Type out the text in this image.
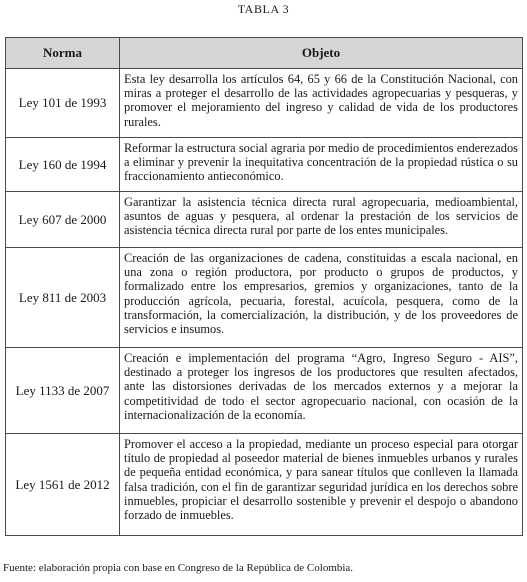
TABLA 3
Norma	Objeto
Ley 101 de 1993	Esta ley desarrolla los artículos 64, 65 y 66 de la Constitución Nacional, con miras a proteger el desarrollo de las actividades agropecuarias y pesqueras, y promover el mejoramiento del ingreso y calidad de vida de los productores rurales.
Ley 160 de 1994	Reformar la estructura social agraria por medio de procedimientos enderezados a eliminar y prevenir la inequitativa concentración de la propiedad rústica o su fraccionamiento antieconómico.
Ley 607 de 2000	Garantizar la asistencia técnica directa rural agropecuaria, medioambiental, asuntos de aguas y pesquera, al ordenar la prestación de los servicios de asistencia técnica directa rural por parte de los entes municipales.
Ley 811 de 2003	Creación de las organizaciones de cadena, constituidas a escala nacional, en una zona o región productora, por producto o grupos de productos, y formalizado entre los empresarios, gremios y organizaciones, tanto de la producción agrícola, pecuaria, forestal, acuícola, pesquera, como de la transformación, la comercialización, la distribución, y de los proveedores de servicios e insumos.
Ley 1133 de 2007	Creación e implementación del programa “Agro, Ingreso Seguro - AIS”, destinado a proteger los ingresos de los productores que resulten afectados, ante las distorsiones derivadas de los mercados externos y a mejorar la competitividad de todo el sector agropecuario nacional, con ocasión de la internacionalización de la economía.
Ley 1561 de 2012	Promover el acceso a la propiedad, mediante un proceso especial para otorgar título de propiedad al poseedor material de bienes inmuebles urbanos y rurales de pequeña entidad económica, y para sanear títulos que conlleven la llamada falsa tradición, con el fin de garantizar seguridad jurídica en los derechos sobre inmuebles, propiciar el desarrollo sostenible y prevenir el despojo o abandono forzado de inmuebles.
Fuente: elaboración propia con base en Congreso de la República de Colombia.
